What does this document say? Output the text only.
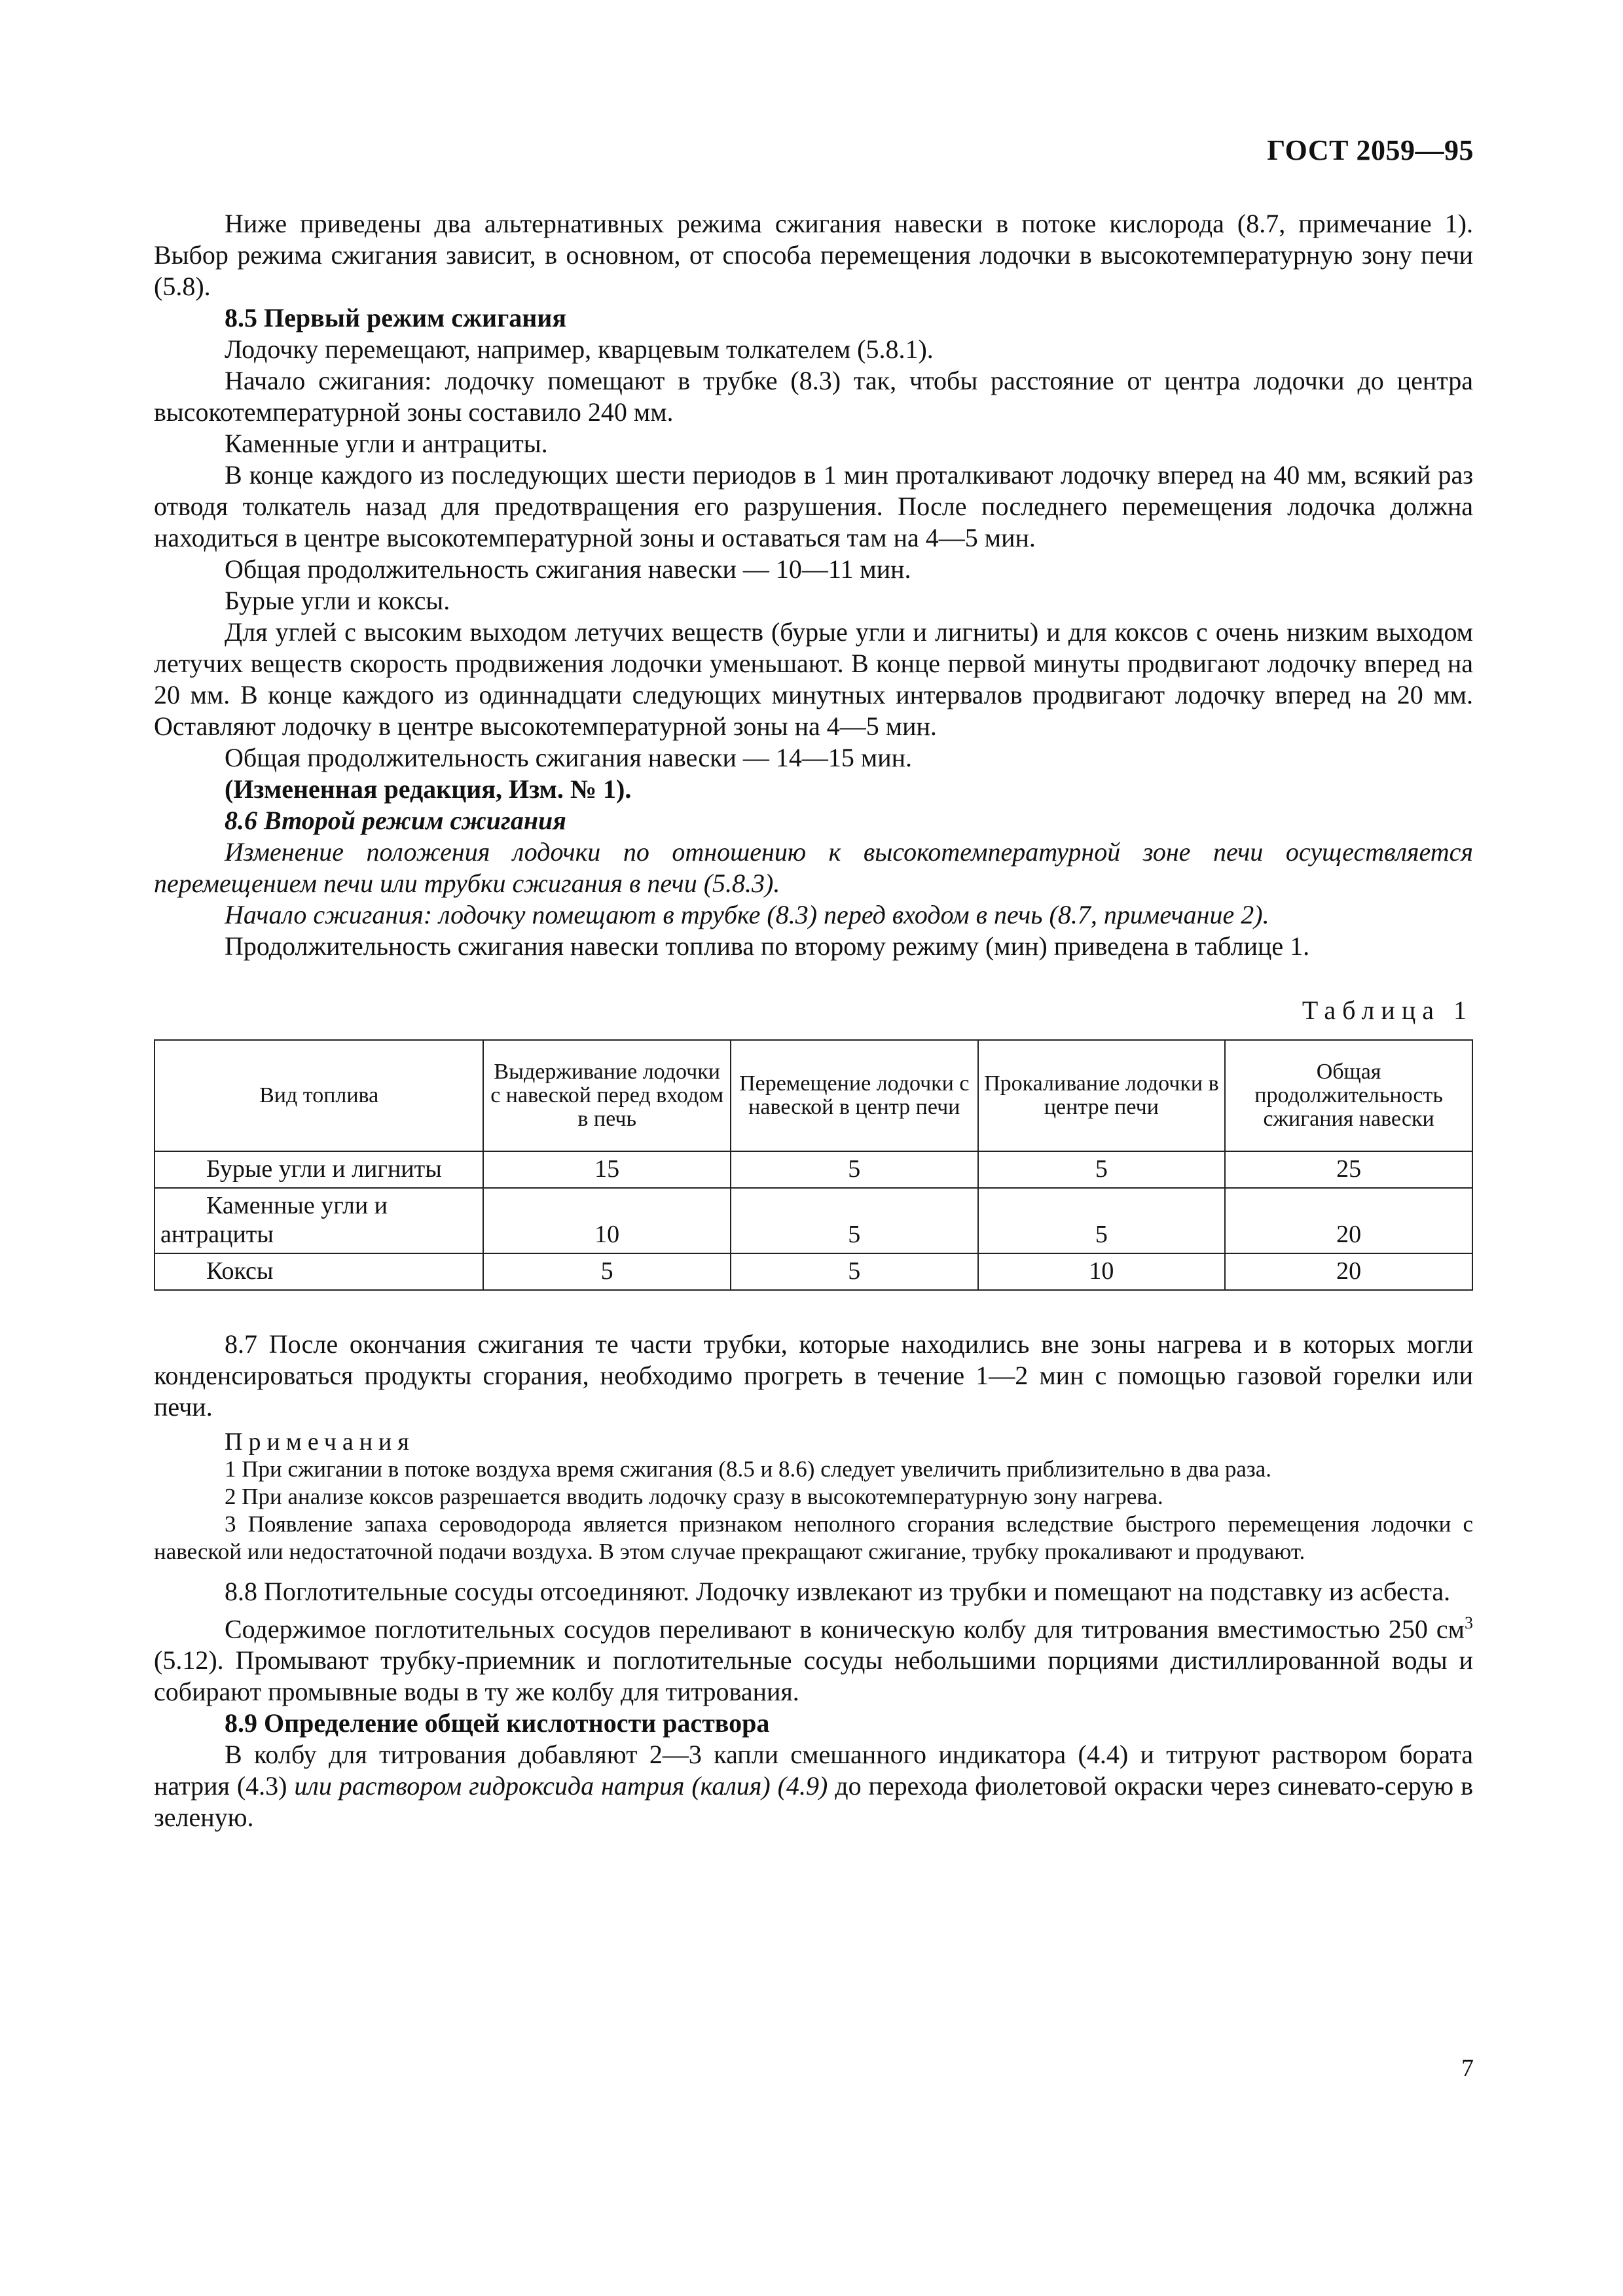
ГОСТ 2059—95

Ниже приведены два альтернативных режима сжигания навески в потоке кислорода (8.7, примечание 1). Выбор режима сжигания зависит, в основном, от способа перемещения лодочки в высокотемпературную зону печи (5.8).

8.5 Первый режим сжигания

Лодочку перемещают, например, кварцевым толкателем (5.8.1).

Начало сжигания: лодочку помещают в трубке (8.3) так, чтобы расстояние от центра лодочки до центра высокотемпературной зоны составило 240 мм.

Каменные угли и антрациты.

В конце каждого из последующих шести периодов в 1 мин проталкивают лодочку вперед на 40 мм, всякий раз отводя толкатель назад для предотвращения его разрушения. После последнего перемещения лодочка должна находиться в центре высокотемпературной зоны и оставаться там на 4—5 мин.

Общая продолжительность сжигания навески — 10—11 мин.

Бурые угли и коксы.

Для углей с высоким выходом летучих веществ (бурые угли и лигниты) и для коксов с очень низким выходом летучих веществ скорость продвижения лодочки уменьшают. В конце первой минуты продвигают лодочку вперед на 20 мм. В конце каждого из одиннадцати следующих минутных интервалов продвигают лодочку вперед на 20 мм. Оставляют лодочку в центре высокотемпературной зоны на 4—5 мин.

Общая продолжительность сжигания навески — 14—15 мин.

(Измененная редакция, Изм. № 1).

8.6 Второй режим сжигания

Изменение положения лодочки по отношению к высокотемпературной зоне печи осуществляется перемещением печи или трубки сжигания в печи (5.8.3).

Начало сжигания: лодочку помещают в трубке (8.3) перед входом в печь (8.7, примечание 2).

Продолжительность сжигания навески топлива по второму режиму (мин) приведена в таблице 1.

Таблица 1
Вид топлива	Выдерживание лодочки с навеской перед входом в печь	Перемещение лодочки с навеской в центр печи	Прокаливание лодочки в центре печи	Общая продолжительность сжигания навески
Бурые угли и лигниты	15	5	5	25
Каменные угли и антрациты	10	5	5	20
Коксы	5	5	10	20

8.7 После окончания сжигания те части трубки, которые находились вне зоны нагрева и в которых могли конденсироваться продукты сгорания, необходимо прогреть в течение 1—2 мин с помощью газовой горелки или печи.

Примечания

1 При сжигании в потоке воздуха время сжигания (8.5 и 8.6) следует увеличить приблизительно в два раза.

2 При анализе коксов разрешается вводить лодочку сразу в высокотемпературную зону нагрева.

3 Появление запаха сероводорода является признаком неполного сгорания вследствие быстрого перемещения лодочки с навеской или недостаточной подачи воздуха. В этом случае прекращают сжигание, трубку прокаливают и продувают.

8.8 Поглотительные сосуды отсоединяют. Лодочку извлекают из трубки и помещают на подставку из асбеста.

Содержимое поглотительных сосудов переливают в коническую колбу для титрования вместимостью 250 $см^3$ (5.12). Промывают трубку-приемник и поглотительные сосуды небольшими порциями дистиллированной воды и собирают промывные воды в ту же колбу для титрования.

8.9 Определение общей кислотности раствора

В колбу для титрования добавляют 2—3 капли смешанного индикатора (4.4) и титруют раствором бората натрия (4.3) или раствором гидроксида натрия (калия) (4.9) до перехода фиолетовой окраски через синевато-серую в зеленую.

7
